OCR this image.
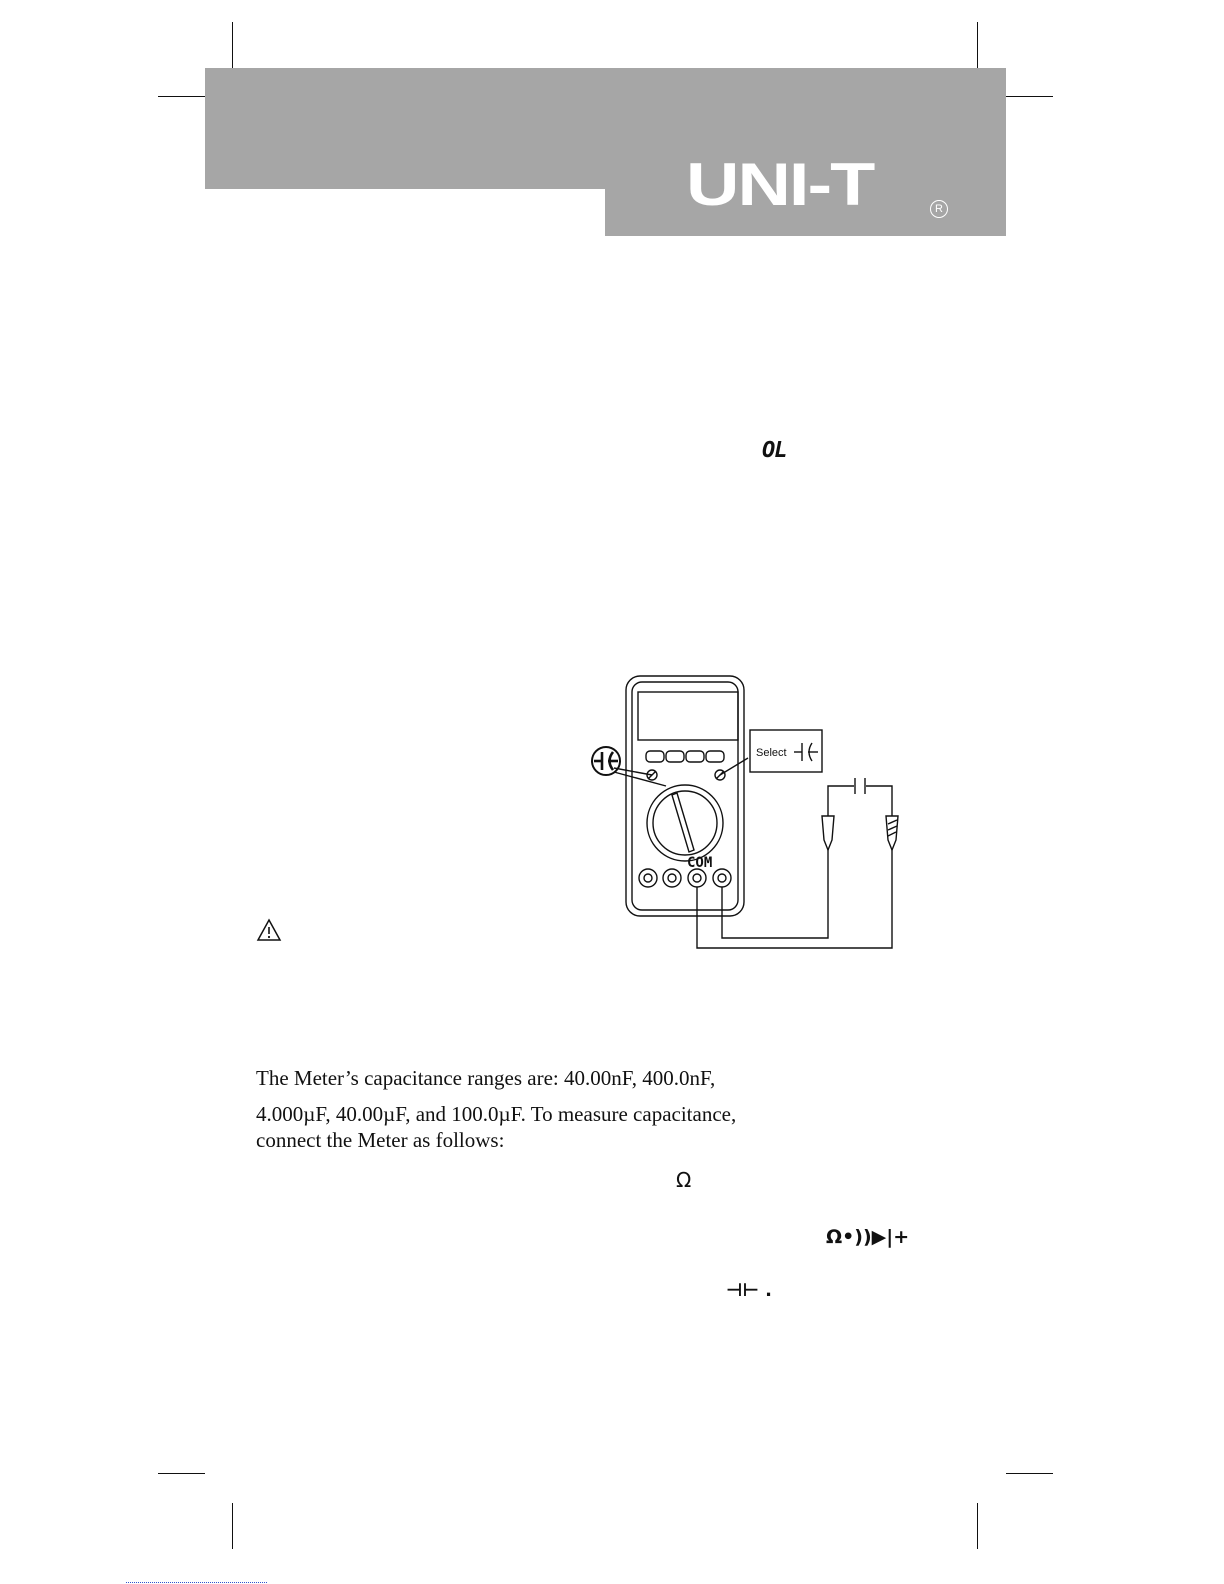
UNI-T	R
OL
Select
COM
The Meter’s capacitance ranges are: 40.00nF, 400.0nF,
4.000µF, 40.00µF, and 100.0µF. To measure capacitance,
connect the Meter as follows:
Ω
Ω•))▶|+
⊣⊢ .
